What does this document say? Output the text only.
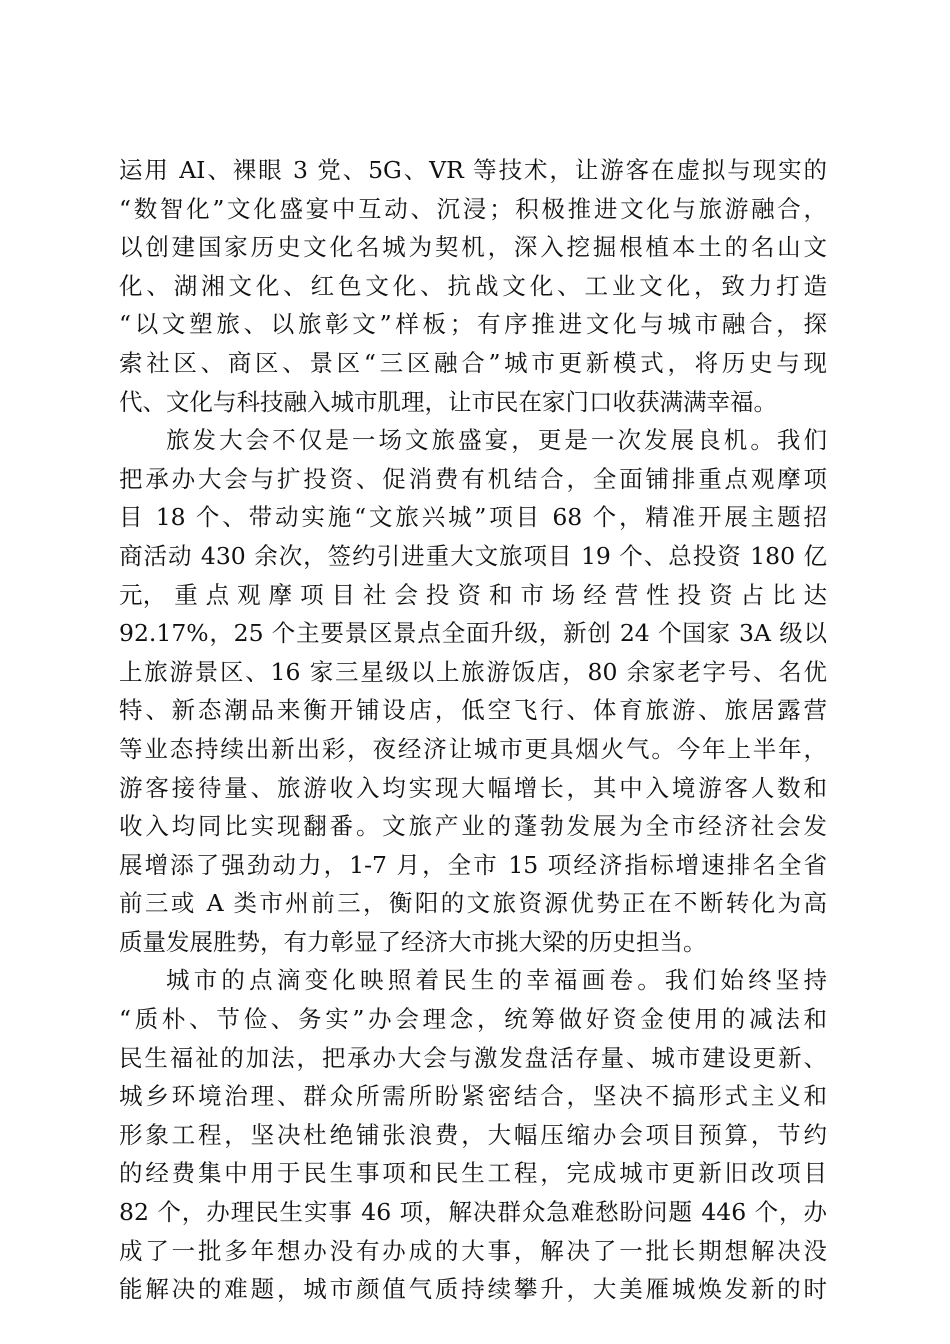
运用 AI、裸眼 3 党、5G、VR 等技术，让游客在虚拟与现实的
“数智化”文化盛宴中互动、沉浸；积极推进文化与旅游融合，
以创建国家历史文化名城为契机，深入挖掘根植本土的名山文
化、湖湘文化、红色文化、抗战文化、工业文化，致力打造
“以文塑旅、以旅彰文”样板；有序推进文化与城市融合，探
索社区、商区、景区“三区融合”城市更新模式，将历史与现
代、文化与科技融入城市肌理，让市民在家门口收获满满幸福。
旅发大会不仅是一场文旅盛宴，更是一次发展良机。我们
把承办大会与扩投资、促消费有机结合，全面铺排重点观摩项
目 18 个、带动实施“文旅兴城”项目 68 个，精准开展主题招
商活动 430 余次，签约引进重大文旅项目 19 个、总投资 180 亿
元， 重 点 观 摩 项 目 社 会 投 资 和 市 场 经 营 性 投 资 占 比 达
92.17%，25 个主要景区景点全面升级，新创 24 个国家 3A 级以
上旅游景区、16 家三星级以上旅游饭店，80 余家老字号、名优
特、新态潮品来衡开铺设店，低空飞行、体育旅游、旅居露营
等业态持续出新出彩，夜经济让城市更具烟火气。今年上半年，
游客接待量、旅游收入均实现大幅增长，其中入境游客人数和
收入均同比实现翻番。文旅产业的蓬勃发展为全市经济社会发
展增添了强劲动力，1-7 月，全市 15 项经济指标增速排名全省
前三或 A 类市州前三，衡阳的文旅资源优势正在不断转化为高
质量发展胜势，有力彰显了经济大市挑大梁的历史担当。
城市的点滴变化映照着民生的幸福画卷。我们始终坚持
“质朴、节俭、务实”办会理念，统筹做好资金使用的减法和
民生福祉的加法，把承办大会与激发盘活存量、城市建设更新、
城乡环境治理、群众所需所盼紧密结合，坚决不搞形式主义和
形象工程，坚决杜绝铺张浪费，大幅压缩办会项目预算，节约
的经费集中用于民生事项和民生工程，完成城市更新旧改项目
82 个，办理民生实事 46 项，解决群众急难愁盼问题 446 个，办
成了一批多年想办没有办成的大事，解决了一批长期想解决没
能解决的难题，城市颜值气质持续攀升，大美雁城焕发新的时
